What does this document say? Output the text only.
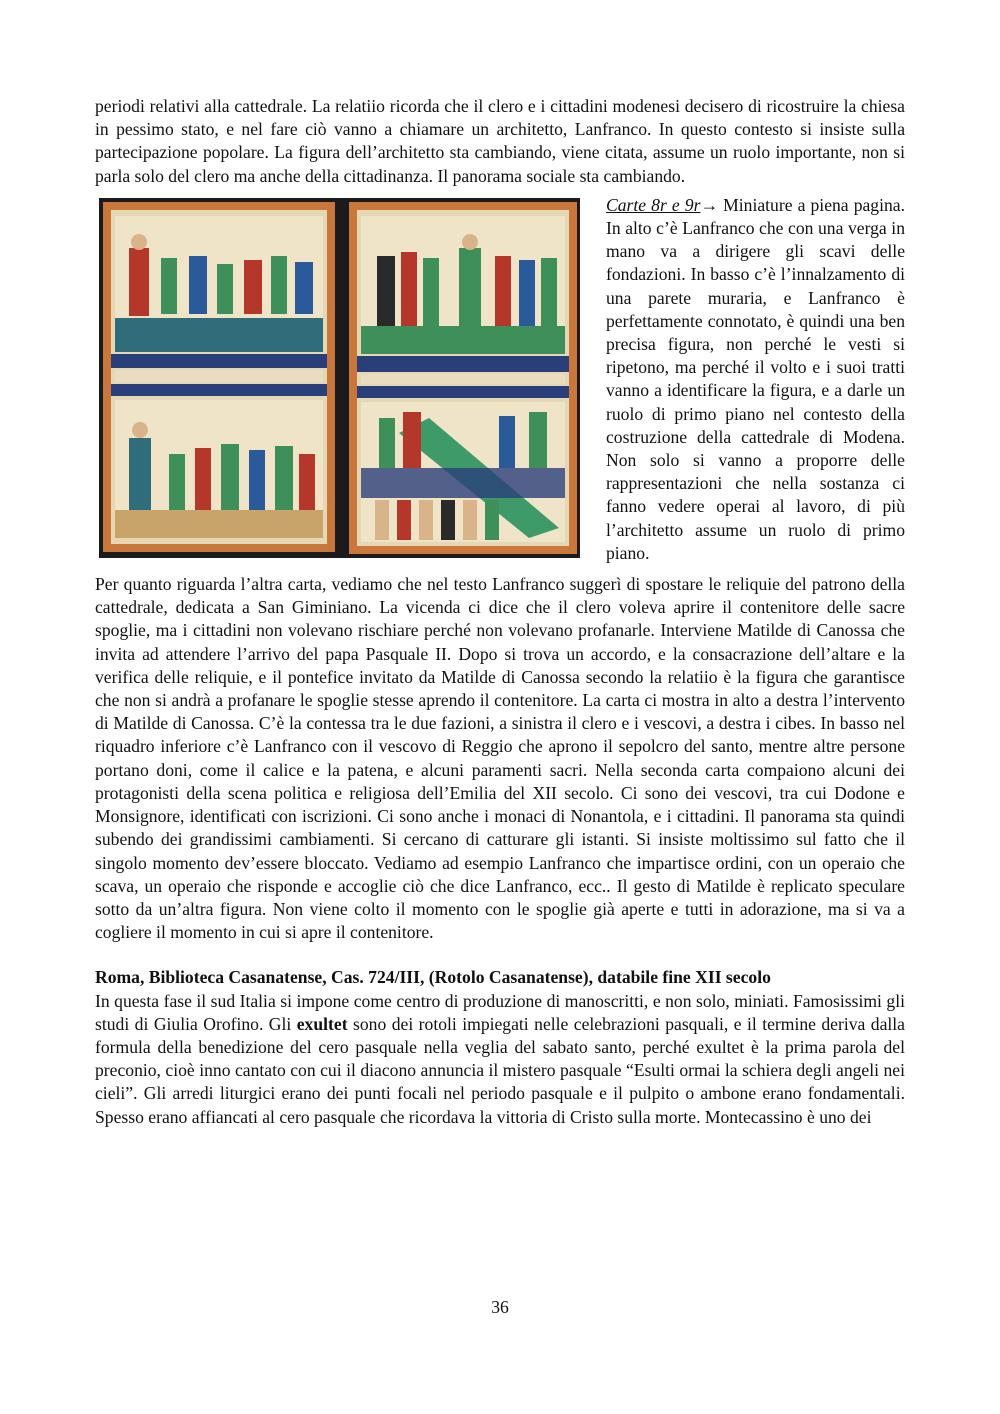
periodi relativi alla cattedrale. La relatiio ricorda che il clero e i cittadini modenesi decisero di ricostruire la chiesa in pessimo stato, e nel fare ciò vanno a chiamare un architetto, Lanfranco. In questo contesto si insiste sulla partecipazione popolare. La figura dell’architetto sta cambiando, viene citata, assume un ruolo importante, non si parla solo del clero ma anche della cittadinanza. Il panorama sociale sta cambiando.

Carte 8r e 9r→ Miniature a piena pagina. In alto c’è Lanfranco che con una verga in mano va a dirigere gli scavi delle fondazioni. In basso c’è l’innalzamento di una parete muraria, e Lanfranco è perfettamente connotato, è quindi una ben precisa figura, non perché le vesti si ripetono, ma perché il volto e i suoi tratti vanno a identificare la figura, e a darle un ruolo di primo piano nel contesto della costruzione della cattedrale di Modena. Non solo si vanno a proporre delle rappresentazioni che nella sostanza ci fanno vedere operai al lavoro, di più l’architetto assume un ruolo di primo piano.

Per quanto riguarda l’altra carta, vediamo che nel testo Lanfranco suggerì di spostare le reliquie del patrono della cattedrale, dedicata a San Giminiano. La vicenda ci dice che il clero voleva aprire il contenitore delle sacre spoglie, ma i cittadini non volevano rischiare perché non volevano profanarle. Interviene Matilde di Canossa che invita ad attendere l’arrivo del papa Pasquale II. Dopo si trova un accordo, e la consacrazione dell’altare e la verifica delle reliquie, e il pontefice invitato da Matilde di Canossa secondo la relatiio è la figura che garantisce che non si andrà a profanare le spoglie stesse aprendo il contenitore. La carta ci mostra in alto a destra l’intervento di Matilde di Canossa. C’è la contessa tra le due fazioni, a sinistra il clero e i vescovi, a destra i cibes. In basso nel riquadro inferiore c’è Lanfranco con il vescovo di Reggio che aprono il sepolcro del santo, mentre altre persone portano doni, come il calice e la patena, e alcuni paramenti sacri. Nella seconda carta compaiono alcuni dei protagonisti della scena politica e religiosa dell’Emilia del XII secolo. Ci sono dei vescovi, tra cui Dodone e Monsignore, identificati con iscrizioni. Ci sono anche i monaci di Nonantola, e i cittadini. Il panorama sta quindi subendo dei grandissimi cambiamenti. Si cercano di catturare gli istanti. Si insiste moltissimo sul fatto che il singolo momento dev’essere bloccato. Vediamo ad esempio Lanfranco che impartisce ordini, con un operaio che scava, un operaio che risponde e accoglie ciò che dice Lanfranco, ecc.. Il gesto di Matilde è replicato speculare sotto da un’altra figura. Non viene colto il momento con le spoglie già aperte e tutti in adorazione, ma si va a cogliere il momento in cui si apre il contenitore.

Roma, Biblioteca Casanatense, Cas. 724/III, (Rotolo Casanatense), databile fine XII secolo

In questa fase il sud Italia si impone come centro di produzione di manoscritti, e non solo, miniati. Famosissimi gli studi di Giulia Orofino. Gli exultet sono dei rotoli impiegati nelle celebrazioni pasquali, e il termine deriva dalla formula della benedizione del cero pasquale nella veglia del sabato santo, perché exultet è la prima parola del preconio, cioè inno cantato con cui il diacono annuncia il mistero pasquale “Esulti ormai la schiera degli angeli nei cieli”. Gli arredi liturgici erano dei punti focali nel periodo pasquale e il pulpito o ambone erano fondamentali. Spesso erano affiancati al cero pasquale che ricordava la vittoria di Cristo sulla morte. Montecassino è uno dei

36
